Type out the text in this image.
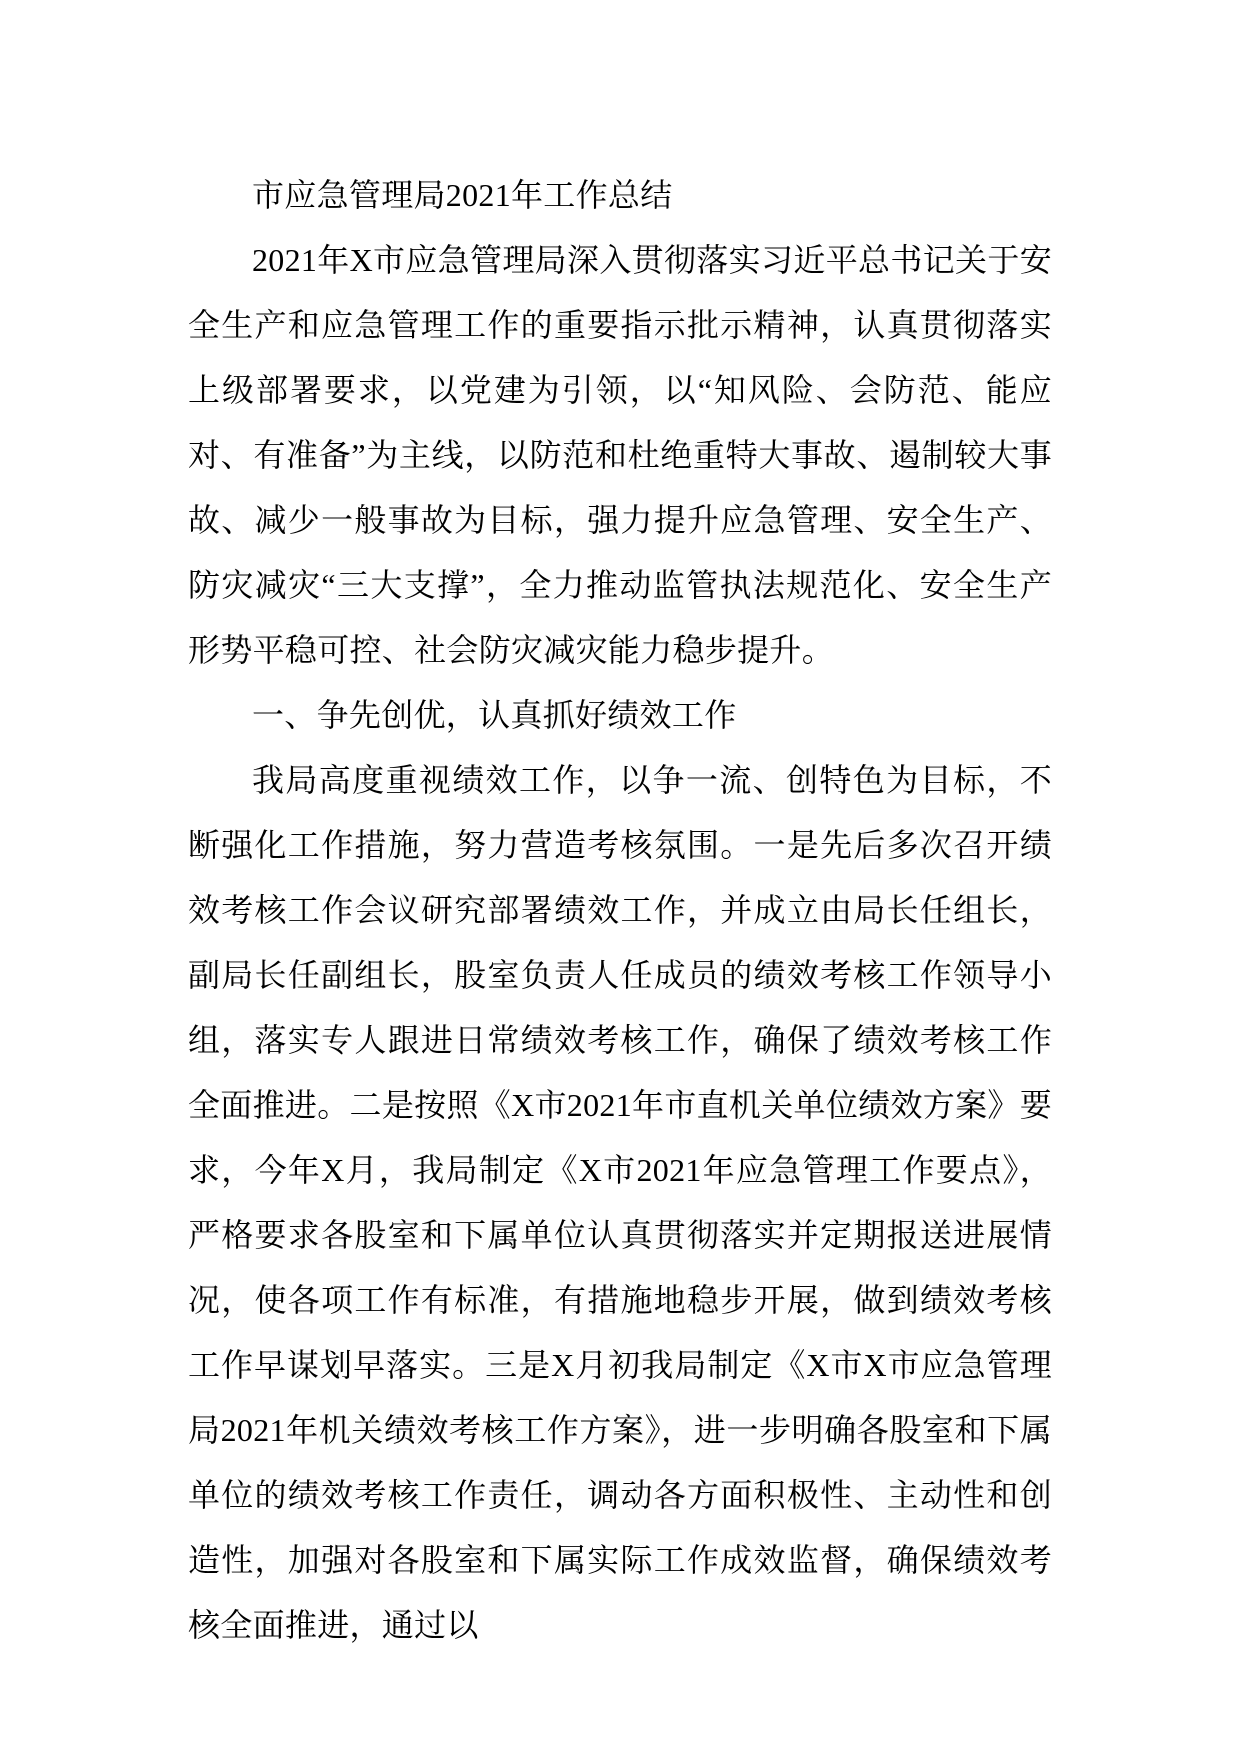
市应急管理局2021年工作总结

2021年X市应急管理局深入贯彻落实习近平总书记关于安全生产和应急管理工作的重要指示批示精神，认真贯彻落实上级部署要求，以党建为引领，以“知风险、会防范、能应对、有准备”为主线，以防范和杜绝重特大事故、遏制较大事故、减少一般事故为目标，强力提升应急管理、安全生产、防灾减灾“三大支撑”，全力推动监管执法规范化、安全生产形势平稳可控、社会防灾减灾能力稳步提升。

一、争先创优，认真抓好绩效工作

我局高度重视绩效工作，以争一流、创特色为目标，不断强化工作措施，努力营造考核氛围。一是先后多次召开绩效考核工作会议研究部署绩效工作，并成立由局长任组长，副局长任副组长，股室负责人任成员的绩效考核工作领导小组，落实专人跟进日常绩效考核工作，确保了绩效考核工作全面推进。二是按照《X市2021年市直机关单位绩效方案》要求，今年X月，我局制定《X市2021年应急管理工作要点》，严格要求各股室和下属单位认真贯彻落实并定期报送进展情况，使各项工作有标准，有措施地稳步开展，做到绩效考核工作早谋划早落实。三是X月初我局制定《X市X市应急管理局2021年机关绩效考核工作方案》，进一步明确各股室和下属单位的绩效考核工作责任，调动各方面积极性、主动性和创造性，加强对各股室和下属实际工作成效监督，确保绩效考核全面推进，通过以
